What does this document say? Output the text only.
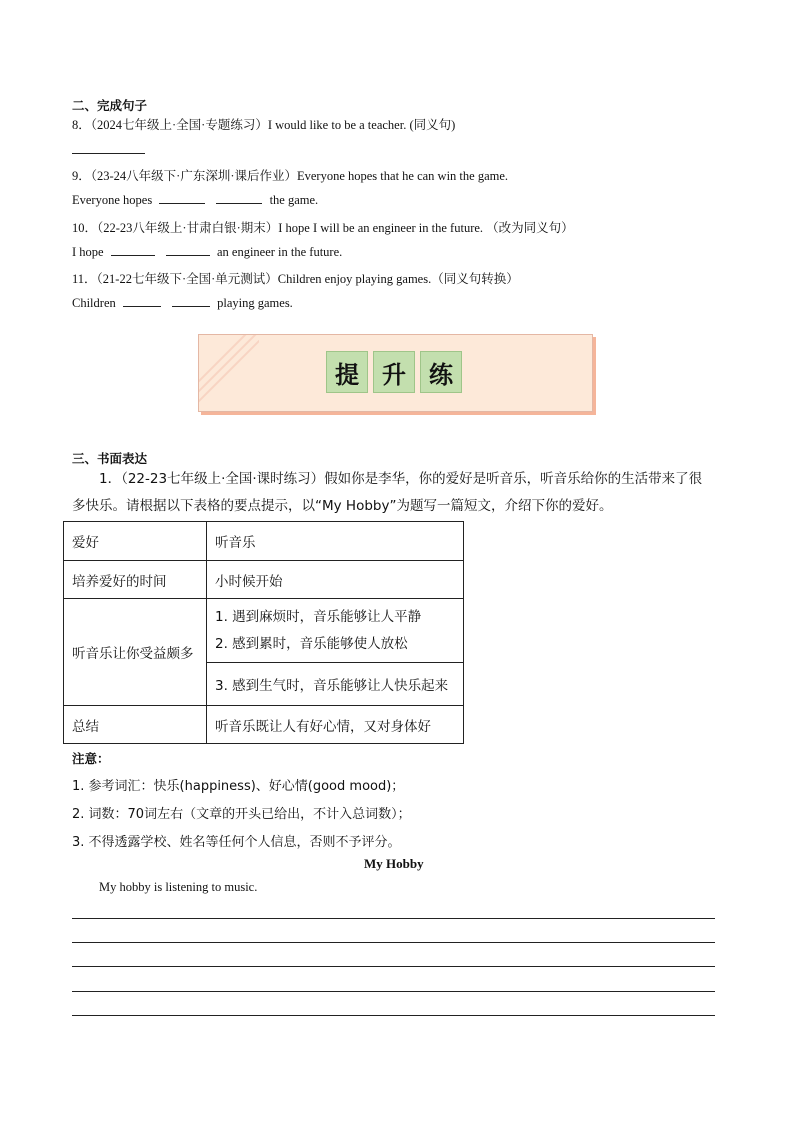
二、完成句子
8．（2024七年级上·全国·专题练习）I would like to be a teacher. (同义句)
9．（23-24八年级下·广东深圳·课后作业）Everyone hopes that he can win the game.
Everyone hopes	the game.
10．（22-23八年级上·甘肃白银·期末）I hope I will be an engineer in the future. （改为同义句）
I hope	an engineer in the future.
11．（21-22七年级下·全国·单元测试）Children enjoy playing games.（同义句转换）
Children	playing games.
提 升 练
三、书面表达
1．（22-23七年级上·全国·课时练习）假如你是李华，你的爱好是听音乐，听音乐给你的生活带来了很
多快乐。请根据以下表格的要点提示，以“My Hobby”为题写一篇短文，介绍下你的爱好。
爱好	听音乐
培养爱好的时间	小时候开始
听音乐让你受益颇多	1. 遇到麻烦时，音乐能够让人平静
2. 感到累时，音乐能够使人放松

	3. 感到生气时，音乐能够让人快乐起来
总结	听音乐既让人有好心情，又对身体好
注意：
1. 参考词汇：快乐(happiness)、好心情(good mood)；
2. 词数：70词左右（文章的开头已给出，不计入总词数）；
3. 不得透露学校、姓名等任何个人信息，否则不予评分。
My Hobby
My hobby is listening to music.
